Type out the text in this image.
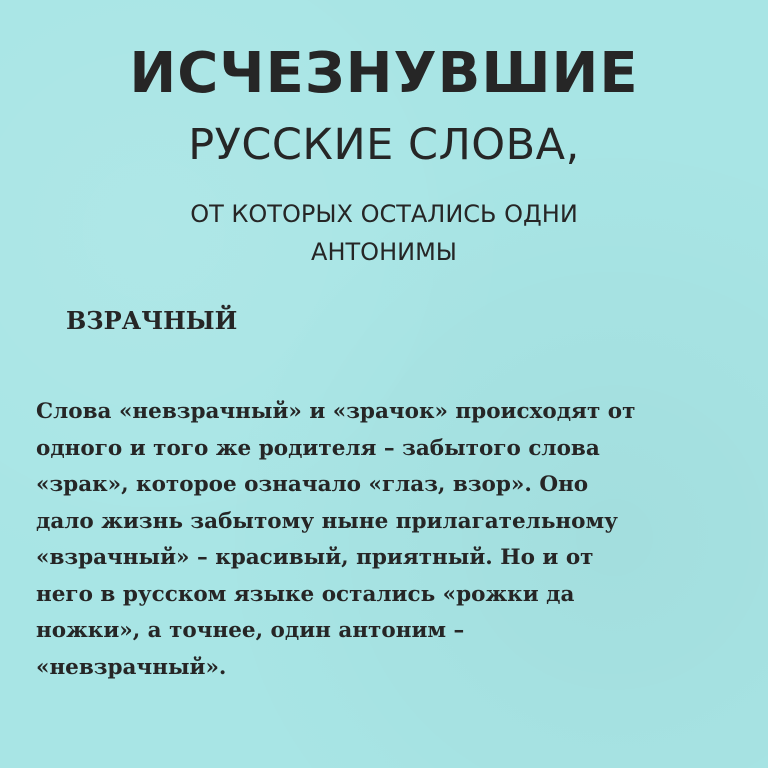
ИСЧЕЗНУВШИЕ
РУССКИЕ СЛОВА,
ОТ КОТОРЫХ ОСТАЛИСЬ ОДНИ
АНТОНИМЫ
ВЗРАЧНЫЙ
Слова «невзрачный» и «зрачок» происходят от
одного и того же родителя – забытого слова
«зрак», которое означало «глаз, взор». Оно
дало жизнь забытому ныне прилагательному
«взрачный» – красивый, приятный. Но и от
него в русском языке остались «рожки да
ножки», а точнее, один антоним –
«невзрачный».
